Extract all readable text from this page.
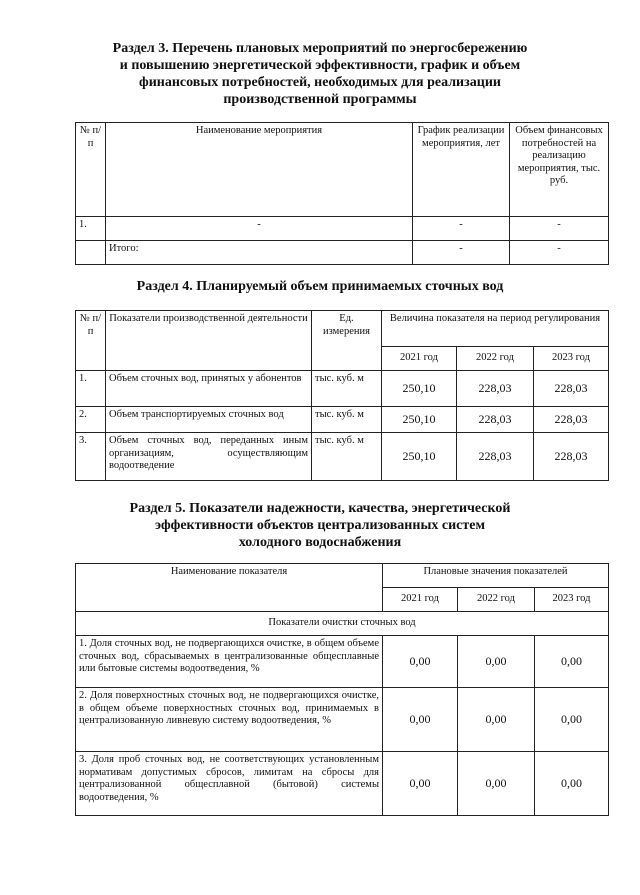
Раздел 3. Перечень плановых мероприятий по энергосбережению
и повышению энергетической эффективности, график и объем
финансовых потребностей, необходимых для реализации
производственной программы
№ п/п	Наименование мероприятия	График реализации мероприятия, лет	Объем финансовых потребностей на реализацию мероприятия, тыс. руб.
1.	-	-	-
	Итого:	-	-
Раздел 4. Планируемый объем принимаемых сточных вод
№ п/п	Показатели производственной деятельности	Ед. измерения	Величина показателя на период регулирования		
			2021 год	2022 год	2023 год
1.	Объем сточных вод, принятых у абонентов	тыс. куб. м	250,10	228,03	228,03
2.	Объем транспортируемых сточных вод	тыс. куб. м	250,10	228,03	228,03
3.	Объем сточных вод, переданных иным организациям, осуществляющим водоотведение	тыс. куб. м	250,10	228,03	228,03
Раздел 5. Показатели надежности, качества, энергетической
эффективности объектов централизованных систем
холодного водоснабжения
Наименование показателя	Плановые значения показателей		
	2021 год	2022 год	2023 год
Показатели очистки сточных вод			
1. Доля сточных вод, не подвергающихся очистке, в общем объеме сточных вод, сбрасываемых в централизованные общесплавные или бытовые системы водоотведения, %	0,00	0,00	0,00
2. Доля поверхностных сточных вод, не подвергающихся очистке, в общем объеме поверхностных сточных вод, принимаемых в централизованную ливневую систему водоотведения, %	0,00	0,00	0,00
3. Доля проб сточных вод, не соответствующих установленным нормативам допустимых сбросов, лимитам на сбросы для централизованной общесплавной (бытовой) системы водоотведения, %	0,00	0,00	0,00
